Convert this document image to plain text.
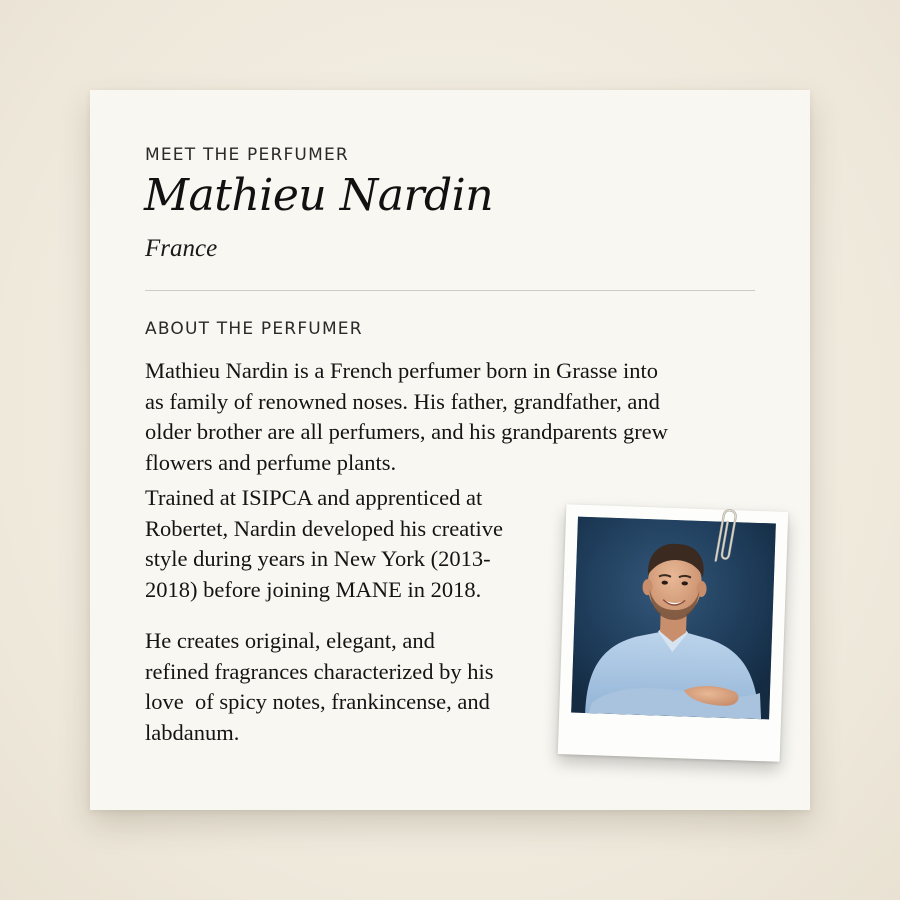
MEET THE PERFUMER
Mathieu Nardin
France
ABOUT THE PERFUMER
Mathieu Nardin is a French perfumer born in Grasse into
as family of renowned noses. His father, grandfather, and
older brother are all perfumers, and his grandparents grew
flowers and perfume plants.
Trained at ISIPCA and apprenticed at
Robertet, Nardin developed his creative
style during years in New York (2013-
2018) before joining MANE in 2018.
He creates original, elegant, and
refined fragrances characterized by his
love  of spicy notes, frankincense, and
labdanum.
